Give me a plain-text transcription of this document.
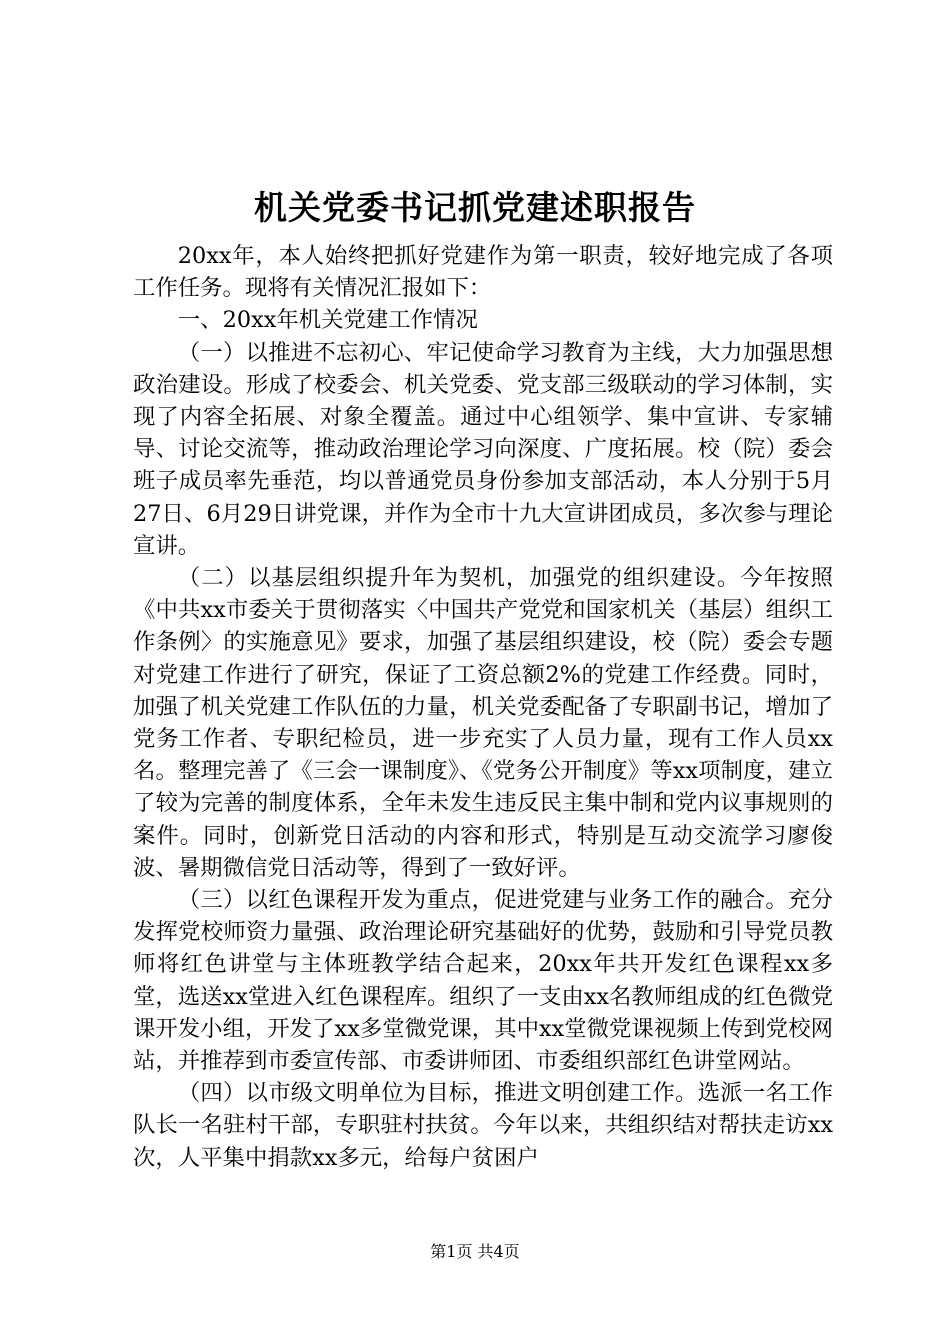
机关党委书记抓党建述职报告

20xx年，本人始终把抓好党建作为第一职责，较好地完成了各项工作任务。现将有关情况汇报如下：

一、20xx年机关党建工作情况

（一）以推进不忘初心、牢记使命学习教育为主线，大力加强思想政治建设。形成了校委会、机关党委、党支部三级联动的学习体制，实现了内容全拓展、对象全覆盖。通过中心组领学、集中宣讲、专家辅导、讨论交流等，推动政治理论学习向深度、广度拓展。校（院）委会班子成员率先垂范，均以普通党员身份参加支部活动，本人分别于5月27日、6月29日讲党课，并作为全市十九大宣讲团成员，多次参与理论宣讲。

（二）以基层组织提升年为契机，加强党的组织建设。今年按照《中共xx市委关于贯彻落实〈中国共产党党和国家机关（基层）组织工作条例〉的实施意见》要求，加强了基层组织建设，校（院）委会专题对党建工作进行了研究，保证了工资总额2%的党建工作经费。同时，加强了机关党建工作队伍的力量，机关党委配备了专职副书记，增加了党务工作者、专职纪检员，进一步充实了人员力量，现有工作人员xx名。整理完善了《三会一课制度》、《党务公开制度》等xx项制度，建立了较为完善的制度体系，全年未发生违反民主集中制和党内议事规则的案件。同时，创新党日活动的内容和形式，特别是互动交流学习廖俊波、暑期微信党日活动等，得到了一致好评。

（三）以红色课程开发为重点，促进党建与业务工作的融合。充分发挥党校师资力量强、政治理论研究基础好的优势，鼓励和引导党员教师将红色讲堂与主体班教学结合起来，20xx年共开发红色课程xx多堂，选送xx堂进入红色课程库。组织了一支由xx名教师组成的红色微党课开发小组，开发了xx多堂微党课，其中xx堂微党课视频上传到党校网站，并推荐到市委宣传部、市委讲师团、市委组织部红色讲堂网站。

（四）以市级文明单位为目标，推进文明创建工作。选派一名工作队长一名驻村干部，专职驻村扶贫。今年以来，共组织结对帮扶走访xx次，人平集中捐款xx多元，给每户贫困户

第1页 共4页
